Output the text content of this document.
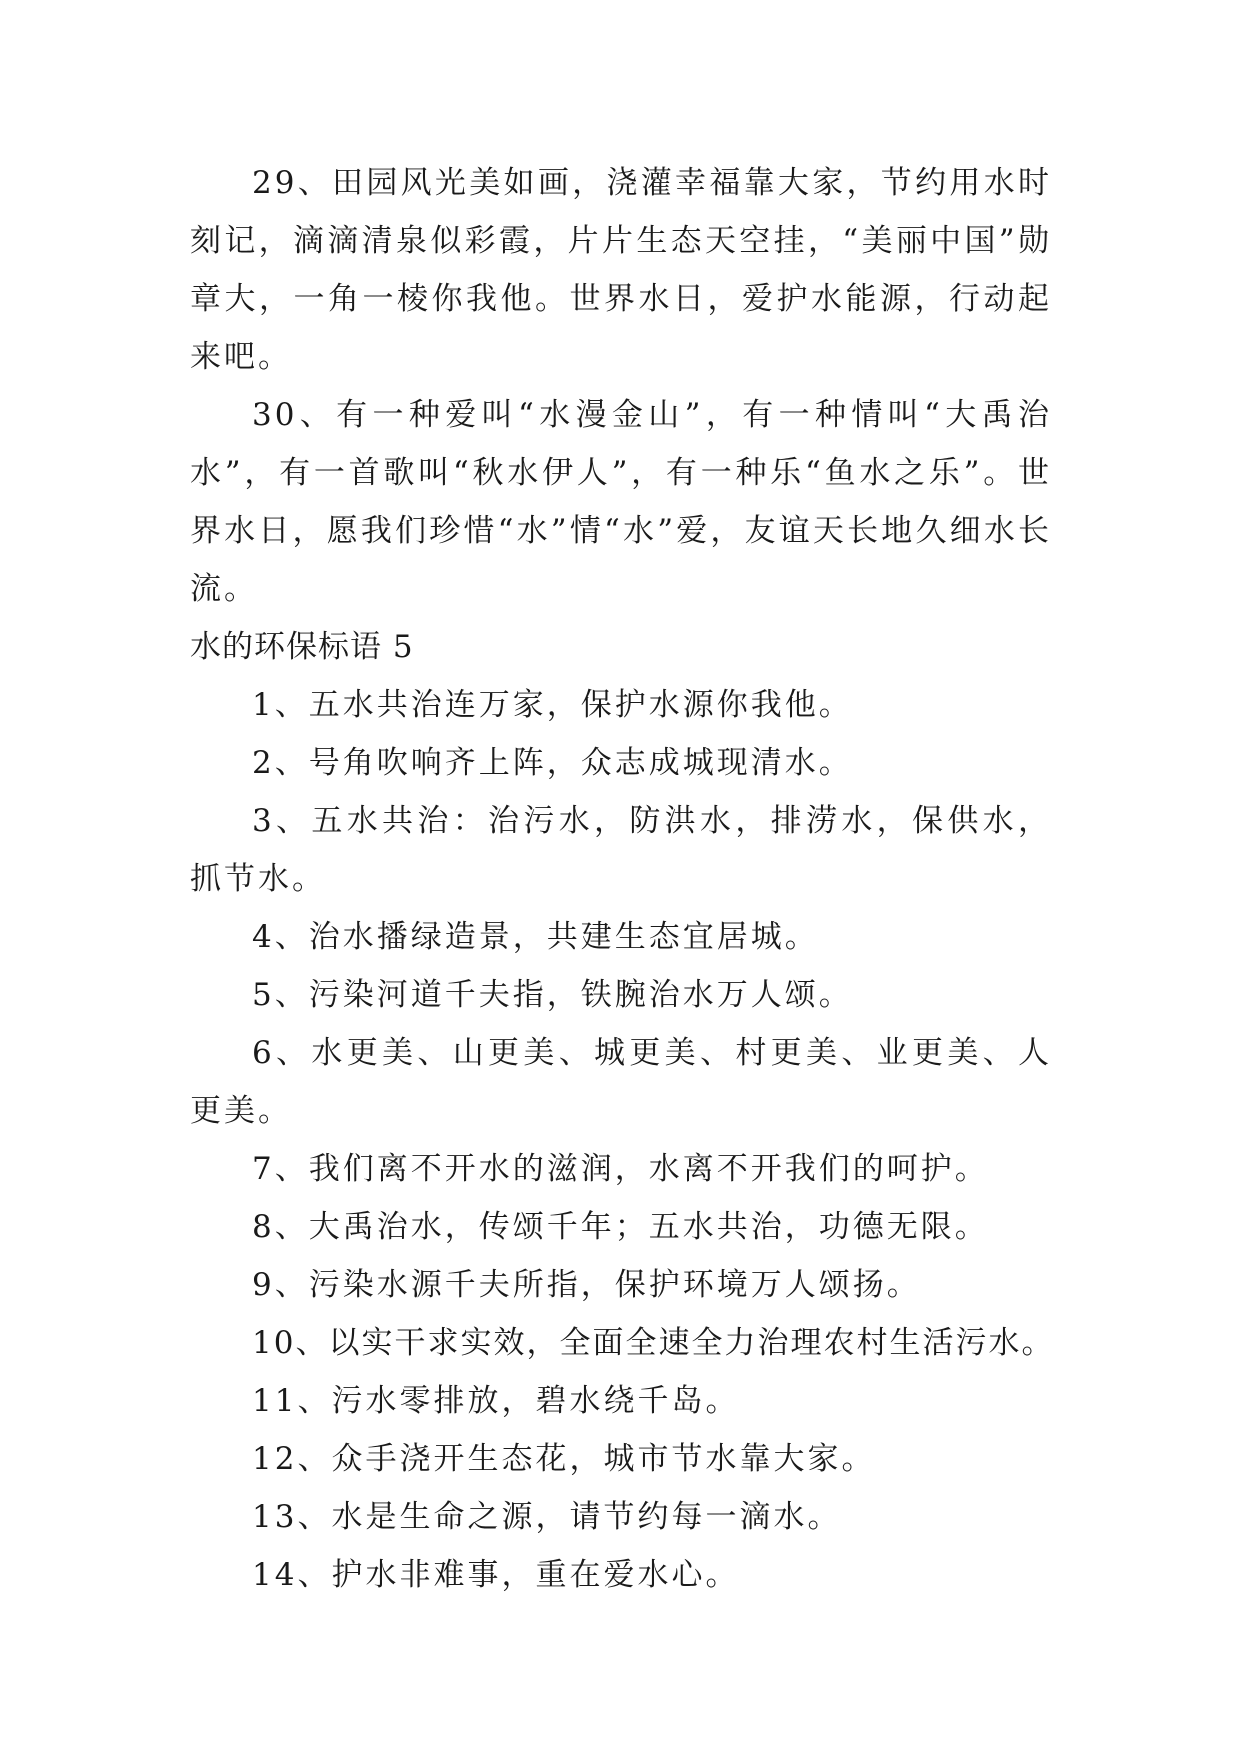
29、田园风光美如画，浇灌幸福靠大家，节约用水时刻记，滴滴清泉似彩霞，片片生态天空挂，“美丽中国”勋章大，一角一棱你我他。世界水日，爱护水能源，行动起来吧。

30、有一种爱叫“水漫金山”，有一种情叫“大禹治水”，有一首歌叫“秋水伊人”，有一种乐“鱼水之乐”。世界水日，愿我们珍惜“水”情“水”爱，友谊天长地久细水长流。

水的环保标语 5

1、五水共治连万家，保护水源你我他。

2、号角吹响齐上阵，众志成城现清水。

3、五水共治：治污水，防洪水，排涝水，保供水，抓节水。

4、治水播绿造景，共建生态宜居城。

5、污染河道千夫指，铁腕治水万人颂。

6、水更美、山更美、城更美、村更美、业更美、人更美。

7、我们离不开水的滋润，水离不开我们的呵护。

8、大禹治水，传颂千年；五水共治，功德无限。

9、污染水源千夫所指，保护环境万人颂扬。

10、以实干求实效，全面全速全力治理农村生活污水。

11、污水零排放，碧水绕千岛。

12、众手浇开生态花，城市节水靠大家。

13、水是生命之源，请节约每一滴水。

14、护水非难事，重在爱水心。
